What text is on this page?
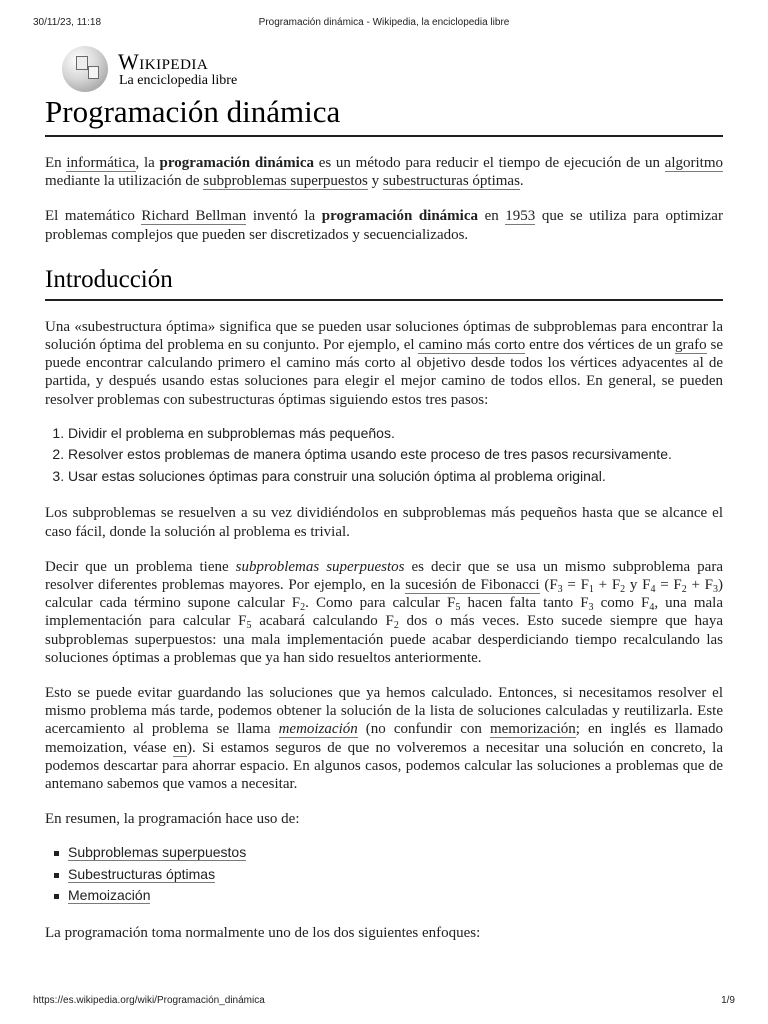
30/11/23, 11:18	Programación dinámica - Wikipedia, la enciclopedia libre
Wikipedia
La enciclopedia libre
Programación dinámica

En informática, la programación dinámica es un método para reducir el tiempo de ejecución de un algoritmo mediante la utilización de subproblemas superpuestos y subestructuras óptimas.

El matemático Richard Bellman inventó la programación dinámica en 1953 que se utiliza para optimizar problemas complejos que pueden ser discretizados y secuencializados.

Introducción

Una «subestructura óptima» significa que se pueden usar soluciones óptimas de subproblemas para encontrar la solución óptima del problema en su conjunto. Por ejemplo, el camino más corto entre dos vértices de un grafo se puede encontrar calculando primero el camino más corto al objetivo desde todos los vértices adyacentes al de partida, y después usando estas soluciones para elegir el mejor camino de todos ellos. En general, se pueden resolver problemas con subestructuras óptimas siguiendo estos tres pasos:

1. Dividir el problema en subproblemas más pequeños.
2. Resolver estos problemas de manera óptima usando este proceso de tres pasos recursivamente.
3. Usar estas soluciones óptimas para construir una solución óptima al problema original.

Los subproblemas se resuelven a su vez dividiéndolos en subproblemas más pequeños hasta que se alcance el caso fácil, donde la solución al problema es trivial.

Decir que un problema tiene subproblemas superpuestos es decir que se usa un mismo subproblema para resolver diferentes problemas mayores. Por ejemplo, en la sucesión de Fibonacci ($F_3 = F_1 + F_2$ y $F_4 = F_2 + F_3$) calcular cada término supone calcular $F_2$. Como para calcular $F_5$ hacen falta tanto $F_3$ como $F_4$, una mala implementación para calcular $F_5$ acabará calculando $F_2$ dos o más veces. Esto sucede siempre que haya subproblemas superpuestos: una mala implementación puede acabar desperdiciando tiempo recalculando las soluciones óptimas a problemas que ya han sido resueltos anteriormente.

Esto se puede evitar guardando las soluciones que ya hemos calculado. Entonces, si necesitamos resolver el mismo problema más tarde, podemos obtener la solución de la lista de soluciones calculadas y reutilizarla. Este acercamiento al problema se llama memoización (no confundir con memorización; en inglés es llamado memoization, véase en). Si estamos seguros de que no volveremos a necesitar una solución en concreto, la podemos descartar para ahorrar espacio. En algunos casos, podemos calcular las soluciones a problemas que de antemano sabemos que vamos a necesitar.

En resumen, la programación hace uso de:

Subproblemas superpuestos
Subestructuras óptimas
Memoización

La programación toma normalmente uno de los dos siguientes enfoques:

https://es.wikipedia.org/wiki/Programación_dinámica	1/9
